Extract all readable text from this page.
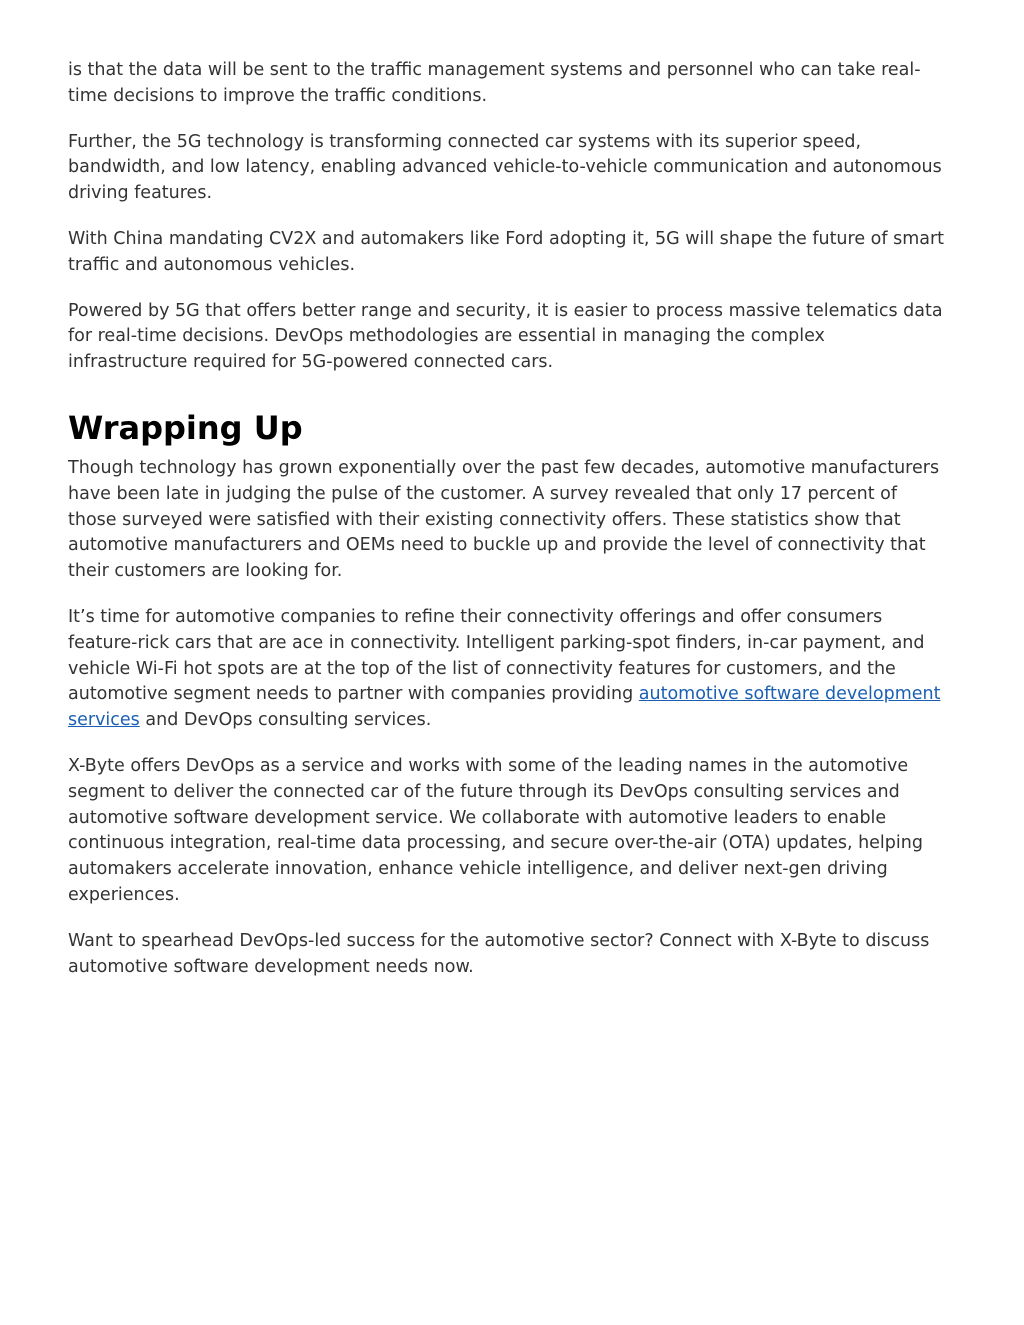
is that the data will be sent to the traffic management systems and personnel who can take real-time decisions to improve the traffic conditions.

Further, the 5G technology is transforming connected car systems with its superior speed, bandwidth, and low latency, enabling advanced vehicle-to-vehicle communication and autonomous driving features.

With China mandating CV2X and automakers like Ford adopting it, 5G will shape the future of smart traffic and autonomous vehicles.

Powered by 5G that offers better range and security, it is easier to process massive telematics data for real-time decisions. DevOps methodologies are essential in managing the complex infrastructure required for 5G-powered connected cars.

Wrapping Up

Though technology has grown exponentially over the past few decades, automotive manufacturers have been late in judging the pulse of the customer. A survey revealed that only 17 percent of those surveyed were satisfied with their existing connectivity offers. These statistics show that automotive manufacturers and OEMs need to buckle up and provide the level of connectivity that their customers are looking for.

It’s time for automotive companies to refine their connectivity offerings and offer consumers feature-rick cars that are ace in connectivity. Intelligent parking-spot finders, in-car payment, and vehicle Wi-Fi hot spots are at the top of the list of connectivity features for customers, and the automotive segment needs to partner with companies providing automotive software development services and DevOps consulting services.

X-Byte offers DevOps as a service and works with some of the leading names in the automotive segment to deliver the connected car of the future through its DevOps consulting services and automotive software development service. We collaborate with automotive leaders to enable continuous integration, real-time data processing, and secure over-the-air (OTA) updates, helping automakers accelerate innovation, enhance vehicle intelligence, and deliver next-gen driving experiences.

Want to spearhead DevOps-led success for the automotive sector? Connect with X-Byte to discuss automotive software development needs now.
